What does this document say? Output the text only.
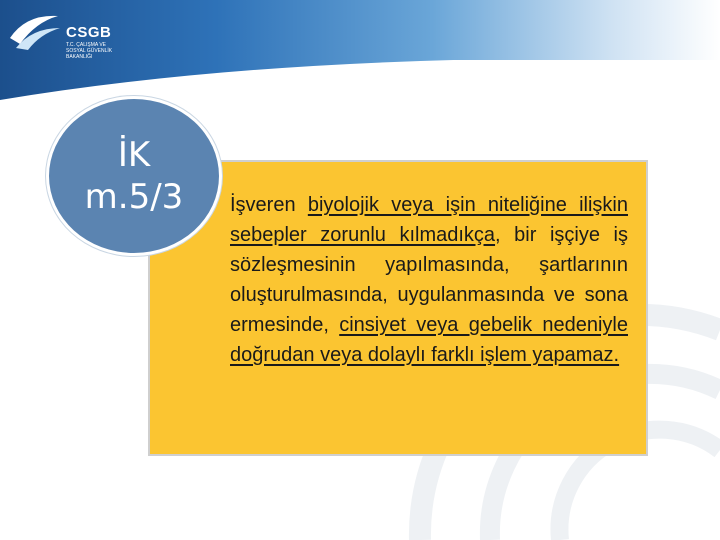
CSGB
T.C. ÇALIŞMA VE SOSYAL GÜVENLİK BAKANLIĞI
İK
m.5/3 İşveren biyolojik veya işin niteliğine ilişkin sebepler zorunlu kılmadıkça, bir işçiye iş sözleşmesinin yapılmasında, şartlarının oluşturulmasında, uygulanmasında ve sona ermesinde, cinsiyet veya gebelik nedeniyle doğrudan veya dolaylı farklı işlem yapamaz.
